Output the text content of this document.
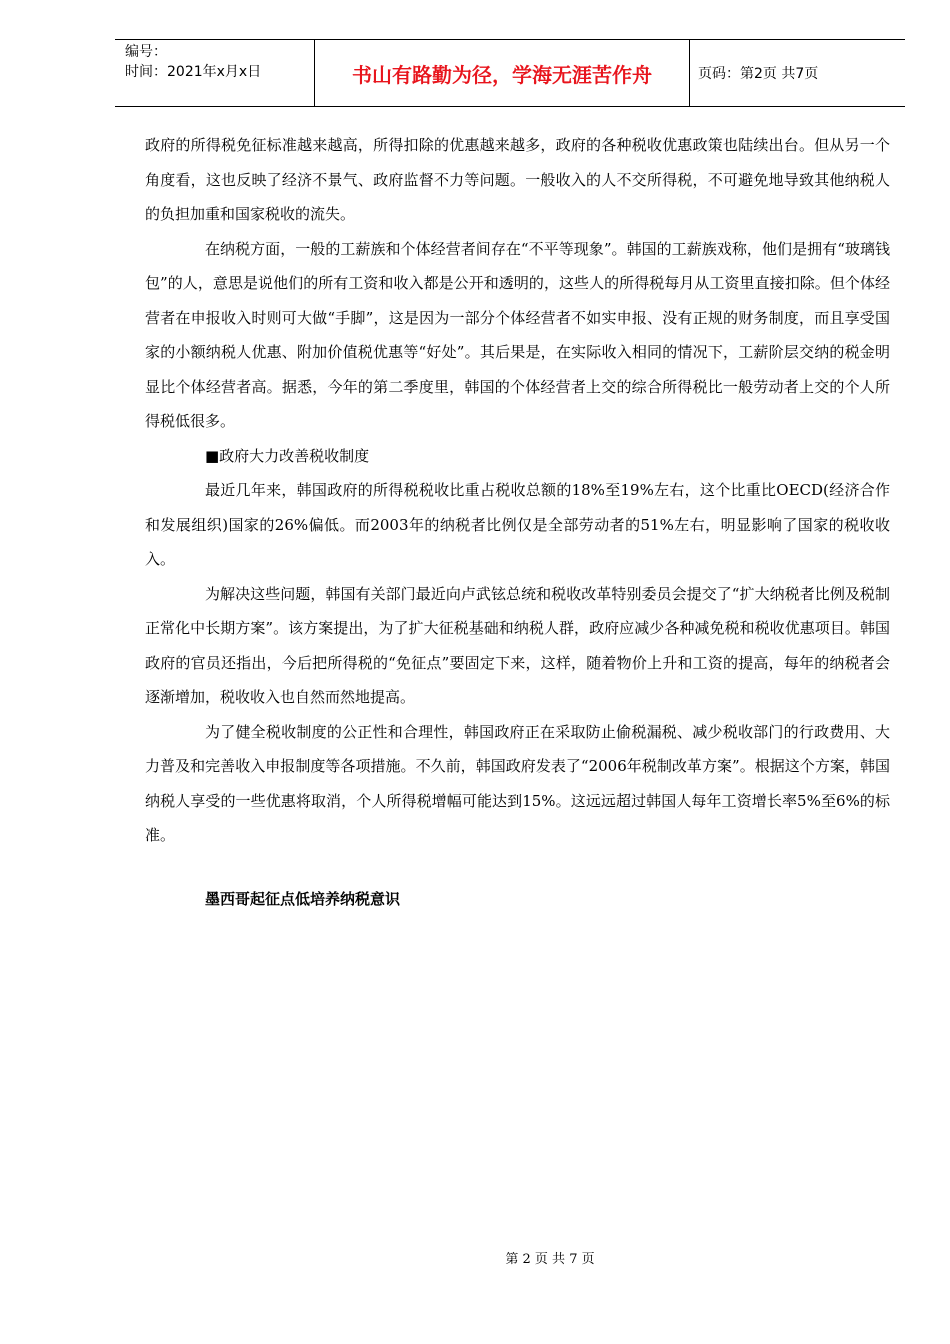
编号：
时间：2021年x月x日	书山有路勤为径，学海无涯苦作舟	页码：第2页 共7页

政府的所得税免征标准越来越高，所得扣除的优惠越来越多，政府的各种税收优惠政策也陆续出台。但从另一个角度看，这也反映了经济不景气、政府监督不力等问题。一般收入的人不交所得税，不可避免地导致其他纳税人的负担加重和国家税收的流失。

在纳税方面，一般的工薪族和个体经营者间存在“不平等现象”。韩国的工薪族戏称，他们是拥有“玻璃钱包”的人，意思是说他们的所有工资和收入都是公开和透明的，这些人的所得税每月从工资里直接扣除。但个体经营者在申报收入时则可大做“手脚”，这是因为一部分个体经营者不如实申报、没有正规的财务制度，而且享受国家的小额纳税人优惠、附加价值税优惠等“好处”。其后果是，在实际收入相同的情况下，工薪阶层交纳的税金明显比个体经营者高。据悉，今年的第二季度里，韩国的个体经营者上交的综合所得税比一般劳动者上交的个人所得税低很多。

■政府大力改善税收制度

最近几年来，韩国政府的所得税税收比重占税收总额的18%至19%左右，这个比重比OECD(经济合作和发展组织)国家的26%偏低。而2003年的纳税者比例仅是全部劳动者的51%左右，明显影响了国家的税收收入。

为解决这些问题，韩国有关部门最近向卢武铉总统和税收改革特别委员会提交了“扩大纳税者比例及税制正常化中长期方案”。该方案提出，为了扩大征税基础和纳税人群，政府应减少各种减免税和税收优惠项目。韩国政府的官员还指出，今后把所得税的“免征点”要固定下来，这样，随着物价上升和工资的提高，每年的纳税者会逐渐增加，税收收入也自然而然地提高。

为了健全税收制度的公正性和合理性，韩国政府正在采取防止偷税漏税、减少税收部门的行政费用、大力普及和完善收入申报制度等各项措施。不久前，韩国政府发表了“2006年税制改革方案”。根据这个方案，韩国纳税人享受的一些优惠将取消，个人所得税增幅可能达到15%。这远远超过韩国人每年工资增长率5%至6%的标准。

墨西哥起征点低培养纳税意识

第 2 页 共 7 页
